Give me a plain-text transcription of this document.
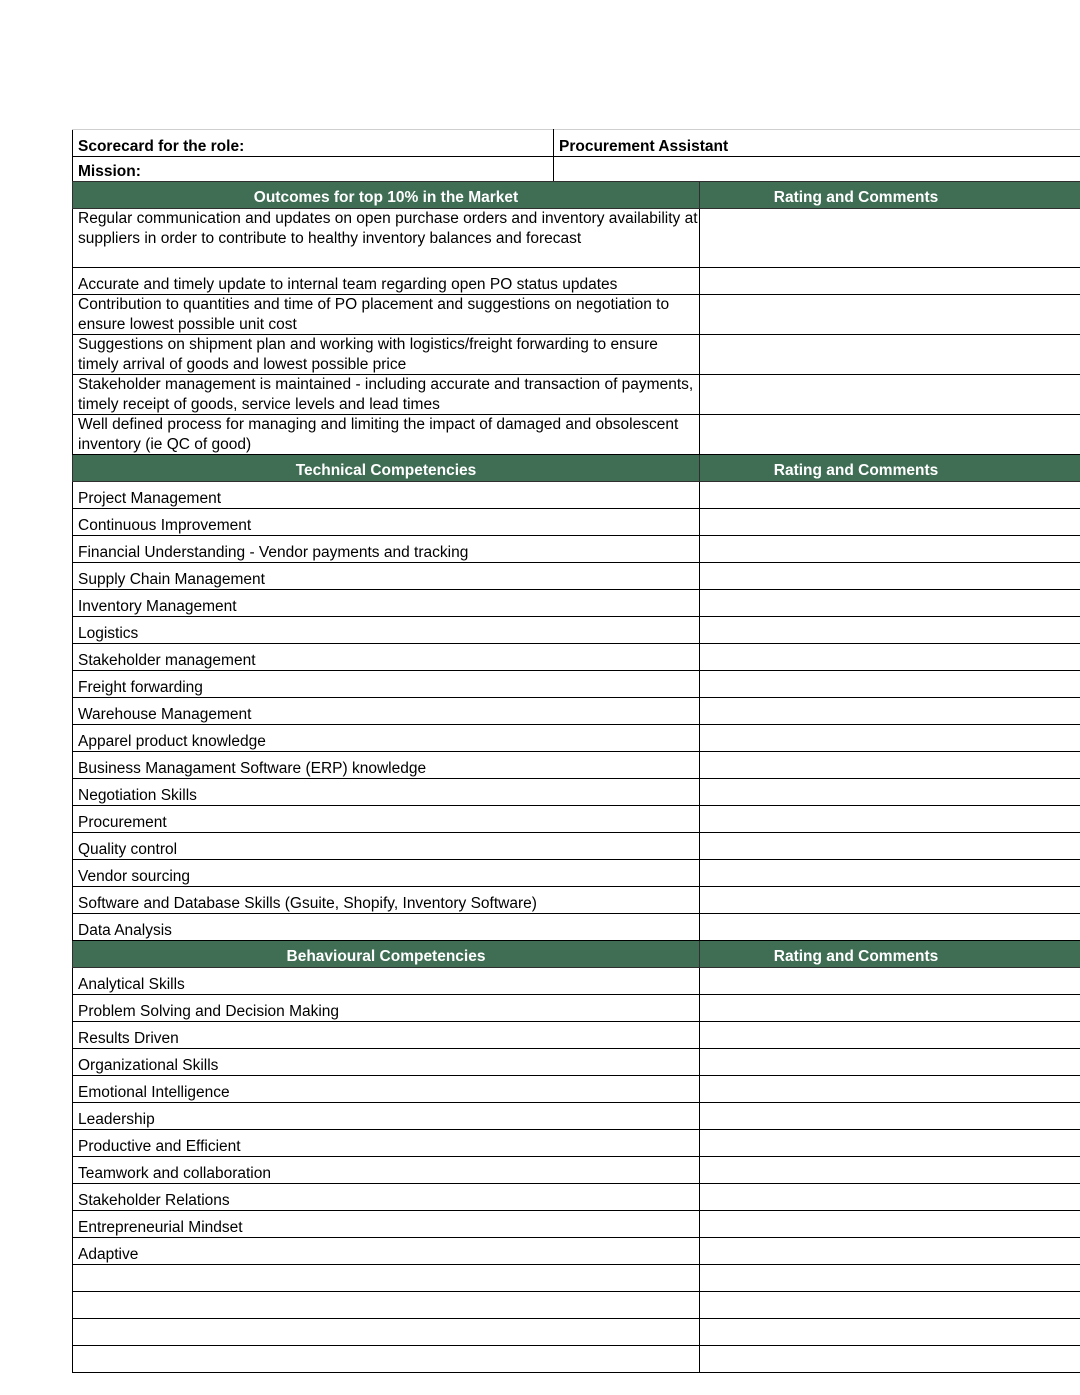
Scorecard for the role:	Procurement Assistant
Mission:	
Outcomes for top 10% in the Market	Rating and Comments
Regular communication and updates on open purchase orders and inventory availability at suppliers in order to contribute to healthy inventory balances and forecast	
Accurate and timely update to internal team regarding open PO status updates	
Contribution to quantities and time of PO placement and suggestions on negotiation to ensure lowest possible unit cost	
Suggestions on shipment plan and working with logistics/freight forwarding to ensure timely arrival of goods and lowest possible price	
Stakeholder management is maintained - including accurate and transaction of payments, timely receipt of goods, service levels and lead times	
Well defined process for managing and limiting the impact of damaged and obsolescent inventory (ie QC of good)	
Technical Competencies	Rating and Comments
Project Management	
Continuous Improvement	
Financial Understanding - Vendor payments and tracking	
Supply Chain Management	
Inventory Management	
Logistics	
Stakeholder management	
Freight forwarding	
Warehouse Management	
Apparel product knowledge	
Business Managament Software (ERP) knowledge	
Negotiation Skills	
Procurement	
Quality control	
Vendor sourcing	
Software and Database Skills (Gsuite, Shopify, Inventory Software)	
Data Analysis	
Behavioural Competencies	Rating and Comments
Analytical Skills	
Problem Solving and Decision Making	
Results Driven	
Organizational Skills	
Emotional Intelligence	
Leadership	
Productive and Efficient	
Teamwork and collaboration	
Stakeholder Relations	
Entrepreneurial Mindset	
Adaptive	
